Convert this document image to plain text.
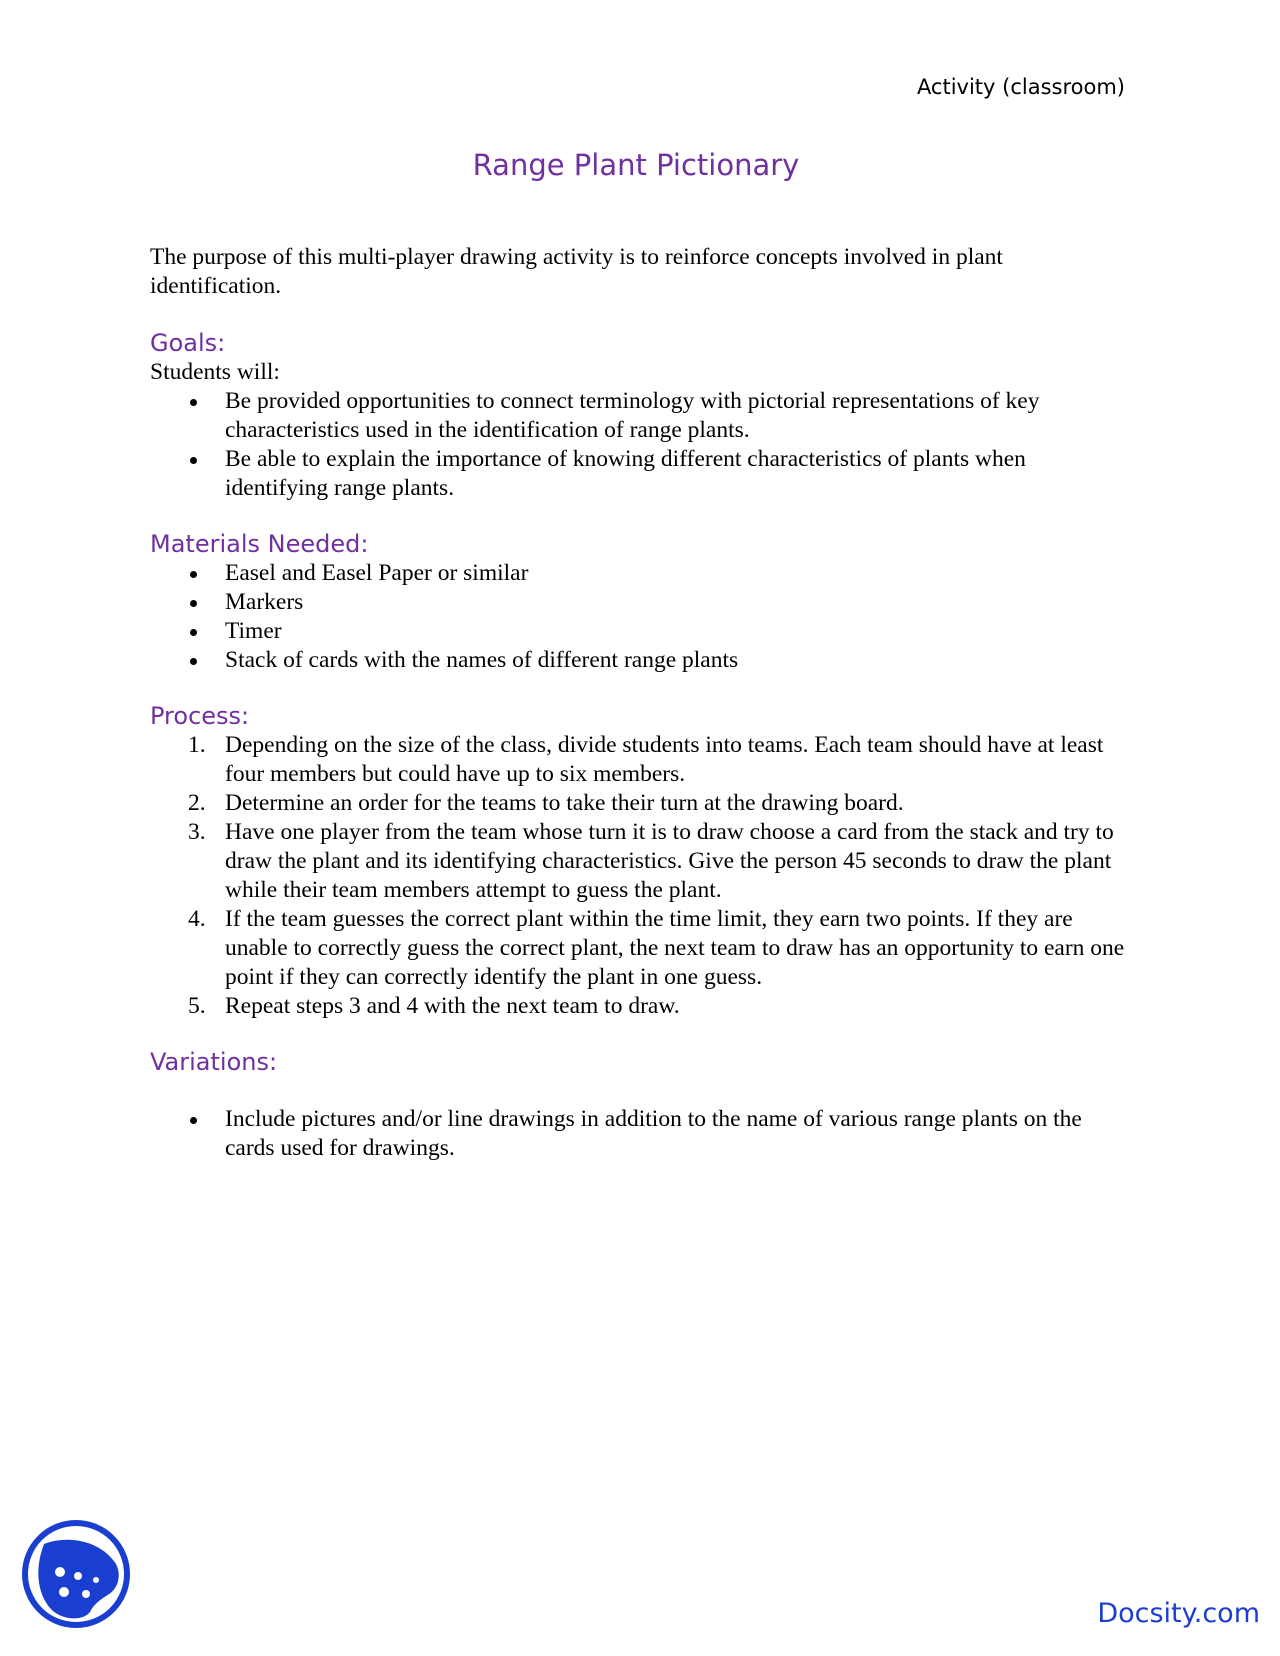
Activity (classroom)
Range Plant Pictionary

The purpose of this multi-player drawing activity is to reinforce concepts involved in plant identification.

Goals:

Students will:

Be provided opportunities to connect terminology with pictorial representations of key characteristics used in the identification of range plants.
Be able to explain the importance of knowing different characteristics of plants when identifying range plants.
Materials Needed:
Easel and Easel Paper or similar
Markers
Timer
Stack of cards with the names of different range plants
Process:
1. Depending on the size of the class, divide students into teams. Each team should have at least four members but could have up to six members.
2. Determine an order for the teams to take their turn at the drawing board.
3. Have one player from the team whose turn it is to draw choose a card from the stack and try to draw the plant and its identifying characteristics. Give the person 45 seconds to draw the plant while their team members attempt to guess the plant.
4. If the team guesses the correct plant within the time limit, they earn two points. If they are unable to correctly guess the correct plant, the next team to draw has an opportunity to earn one point if they can correctly identify the plant in one guess.
5. Repeat steps 3 and 4 with the next team to draw.
Variations:
Include pictures and/or line drawings in addition to the name of various range plants on the cards used for drawings.
Docsity.com
